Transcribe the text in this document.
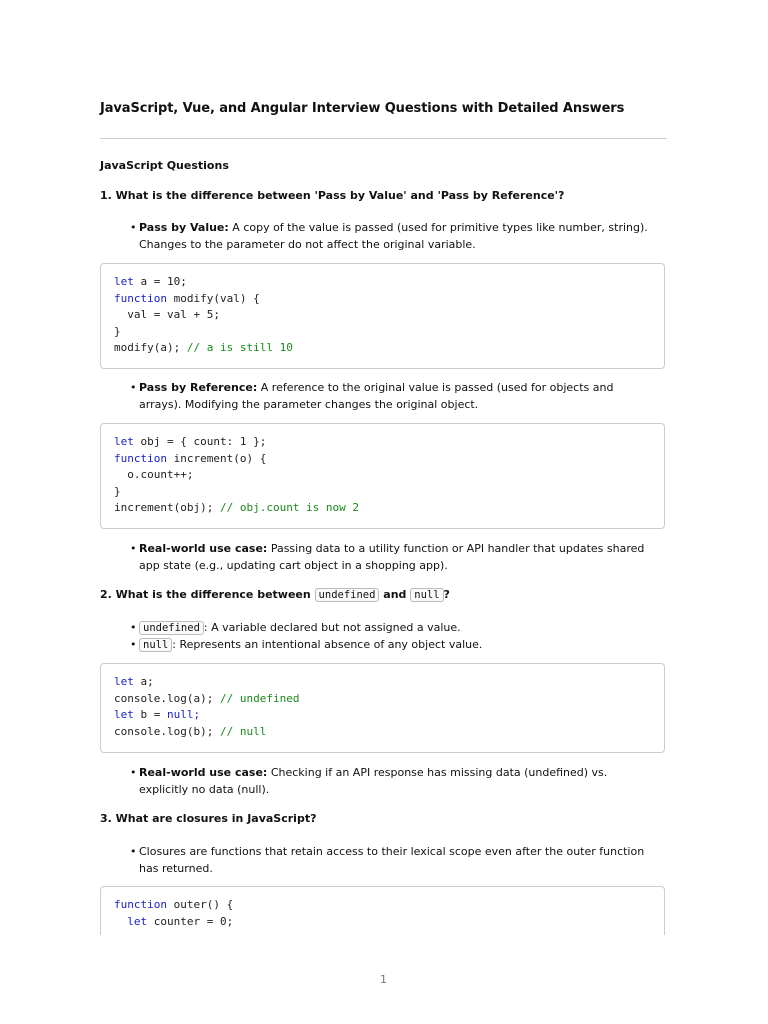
JavaScript, Vue, and Angular Interview Questions with Detailed Answers
JavaScript Questions
1. What is the difference between 'Pass by Value' and 'Pass by Reference'?
• Pass by Value: A copy of the value is passed (used for primitive types like number, string). Changes to the parameter do not affect the original variable.
let a = 10;
function modify(val) {
val = val + 5;
}
modify(a); // a is still 10
• Pass by Reference: A reference to the original value is passed (used for objects and arrays). Modifying the parameter changes the original object.
let obj = { count: 1 };
function increment(o) {
o.count++;
}
increment(obj); // obj.count is now 2
• Real-world use case: Passing data to a utility function or API handler that updates shared app state (e.g., updating cart object in a shopping app).
2. What is the difference between undefined and null ?
• undefined : A variable declared but not assigned a value.
• null : Represents an intentional absence of any object value.
let a;
console.log(a); // undefined
let b = null;
console.log(b); // null
• Real-world use case: Checking if an API response has missing data (undefined) vs. explicitly no data (null).
3. What are closures in JavaScript?
• Closures are functions that retain access to their lexical scope even after the outer function has returned.
function outer() {
let counter = 0;
1
